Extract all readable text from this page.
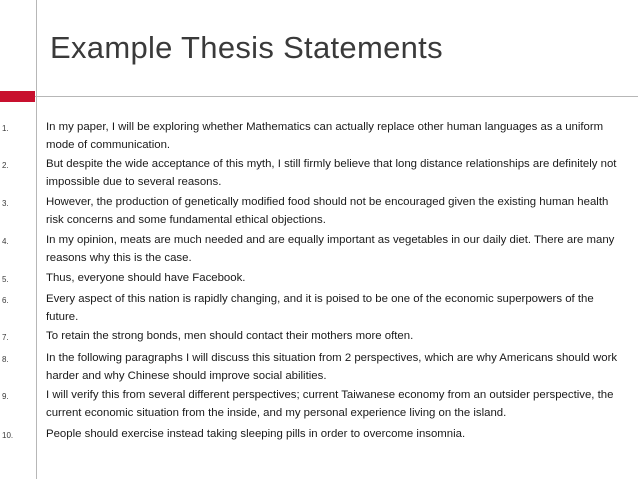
Example Thesis Statements
1.	In my paper, I will be exploring whether Mathematics can actually replace other human languages as a uniform mode of communication.
2.	But despite the wide acceptance of this myth, I still firmly believe that long distance relationships are definitely not impossible due to several reasons.
3.	However, the production of genetically modified food should not be encouraged given the existing human health risk concerns and some fundamental ethical objections.
4.	In my opinion, meats are much needed and are equally important as vegetables in our daily diet. There are many reasons why this is the case.
5.	Thus, everyone should have Facebook.
6.	Every aspect of this nation is rapidly changing, and it is poised to be one of the economic superpowers of the future.
7.	To retain the strong bonds, men should contact their mothers more often.
8.	In the following paragraphs I will discuss this situation from 2 perspectives, which are why Americans should work harder and why Chinese should improve social abilities.
9.	I will verify this from several different perspectives; current Taiwanese economy from an outsider perspective, the current economic situation from the inside, and my personal experience living on the island.
10.	People should exercise instead taking sleeping pills in order to overcome insomnia.
